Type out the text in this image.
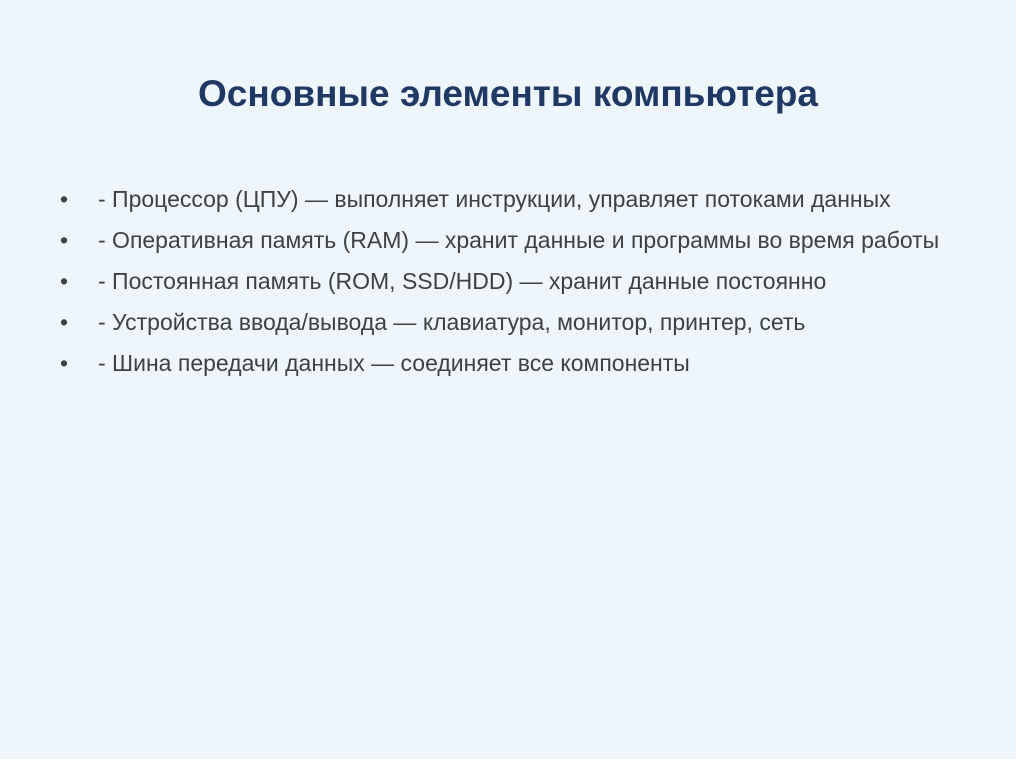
Основные элементы компьютера
•	- Процессор (ЦПУ) — выполняет инструкции, управляет потоками данных
•	- Оперативная память (RAM) — хранит данные и программы во время работы
•	- Постоянная память (ROM, SSD/HDD) — хранит данные постоянно
•	- Устройства ввода/вывода — клавиатура, монитор, принтер, сеть
•	- Шина передачи данных — соединяет все компоненты
